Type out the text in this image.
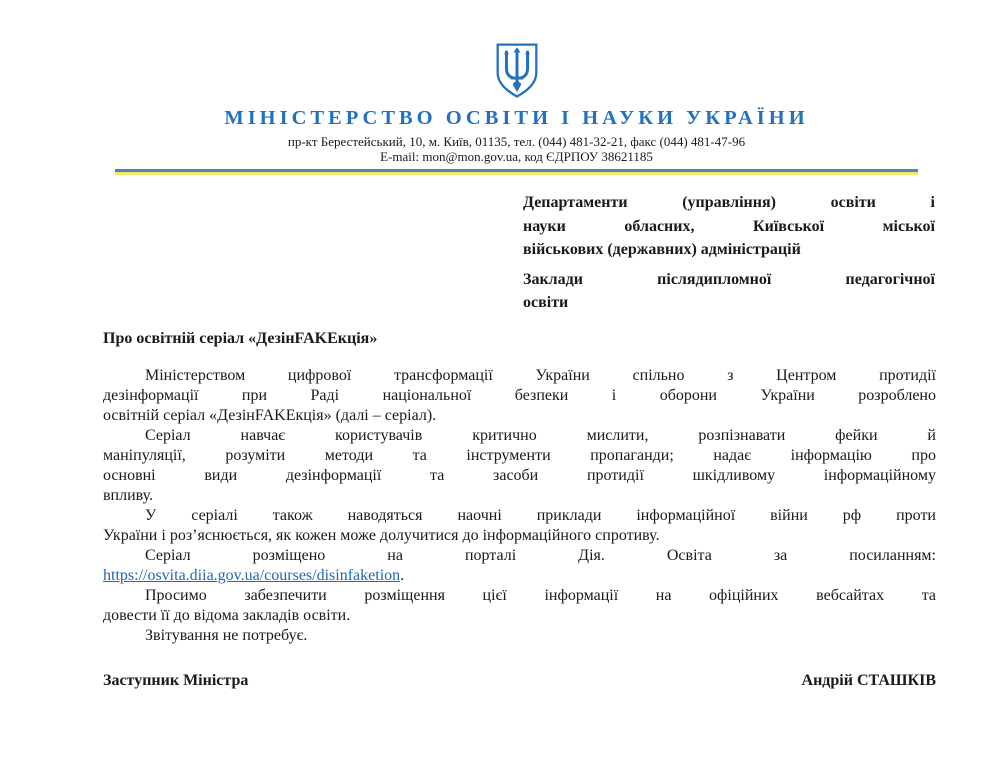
МІНІСТЕРСТВО ОСВІТИ І НАУКИ УКРАЇНИ
пр-кт Берестейський, 10, м. Київ, 01135, тел. (044) 481-32-21, факс (044) 481-47-96
E-mail: mon@mon.gov.ua, код ЄДРПОУ 38621185
Департаменти (управління) освіти і
науки обласних, Київської міської
військових (державних) адміністрацій
Заклади післядипломної педагогічної
освіти
Про освітній серіал «ДезінFAKEкція»
Міністерством цифрової трансформації України спільно з Центром протидії
дезінформації при Раді національної безпеки і оборони України розроблено
освітній серіал «ДезінFAKEкція» (далі – серіал).
Серіал навчає користувачів критично мислити, розпізнавати фейки й
маніпуляції, розуміти методи та інструменти пропаганди; надає інформацію про
основні види дезінформації та засоби протидії шкідливому інформаційному
впливу.
У серіалі також наводяться наочні приклади інформаційної війни рф проти
України і роз’яснюється, як кожен може долучитися до інформаційного спротиву.
Серіал розміщено на порталі Дія. Освіта за посиланням:
https://osvita.diia.gov.ua/courses/disinfaketion.
Просимо забезпечити розміщення цієї інформації на офіційних вебсайтах та
довести її до відома закладів освіти.
Звітування не потребує.
Заступник Міністра	Андрій СТАШКІВ
